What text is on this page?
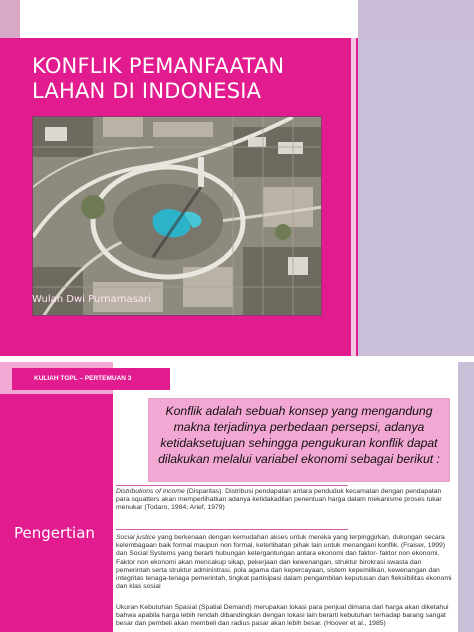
KONFLIK PEMANFAATAN
LAHAN DI INDONESIA
Wulan Dwi Purnamasari
KULIAH TGPL – PERTEMUAN 3

Konflik adalah sebuah konsep yang mengandung makna terjadinya perbedaan persepsi, adanya ketidaksetujuan sehingga pengukuran konflik dapat dilakukan melalui variabel ekonomi sebagai berikut :

Pengertian
Distributions of income (Disparitas). Distribusi pendapatan antara penduduk kecamatan dengan pendapatan para squatters akan memperlihatkan adanya ketidakadilan penentuan harga dalam mekanisme proses tukar menukar (Todaro, 1984; Arief, 1979)
Social justice yang berkenaan dengan kemudahan akses untuk mereka yang terpinggirkan, dukungan secara kelembagaan baik formal maupun non formal, keterlibatan pihak lain untuk menangani konflik. (Fraiser, 1999) dan Social Systems yang berarti hubungan ketergantungan antara ekonomi dan faktor- faktor non ekonomi. Faktor non ekonomi akan mencakup sikap, pekerjaan dan kewenangan, struktur birokrasi swasta dan pemerintah serta struktur administrasi, pola agama dan kepercayaan, sistem kepemilikan, kewenangan dan integritas tenaga-tenaga pemerintah, tingkat partisipasi dalam pengambilan keputusan dan fleksibilitas ekonomi dan klas sosial
Ukuran Kebutuhan Spasial (Spatial Demand) merupakan lokasi para penjual dimana dari harga akan diketahui bahwa apabila harga lebih rendah dibandingkan dengan lokasi lain berarti kebutuhan terhadap barang sangat besar dan pembeli akan membeli dan radius pasar akan lebih besar. (Hoover et al., 1985)
